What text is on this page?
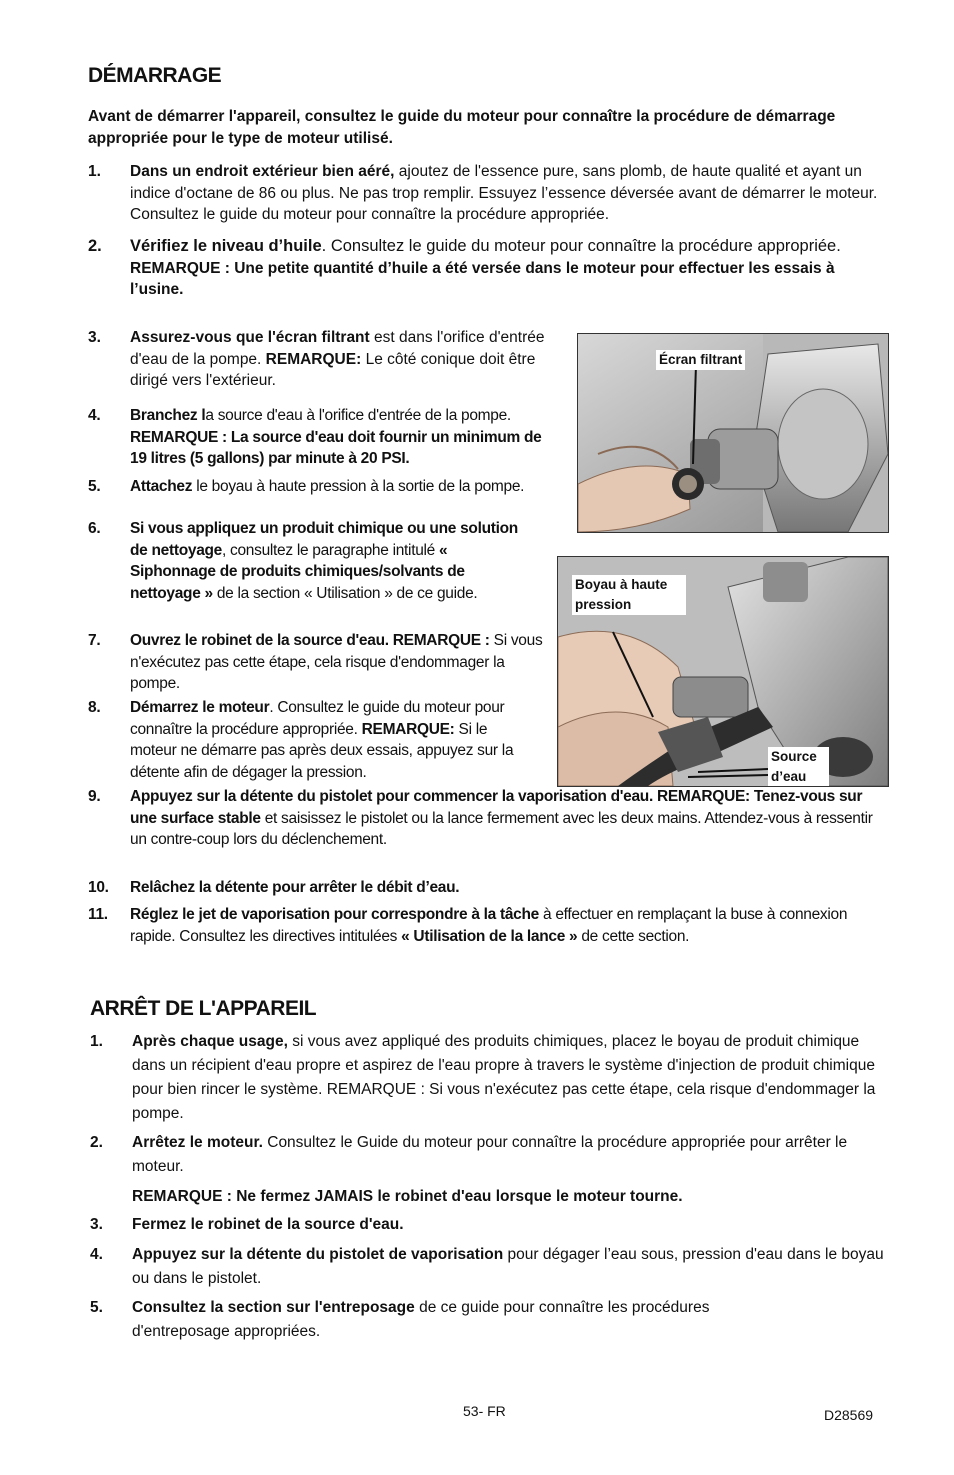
DÉMARRAGE

Avant de démarrer l'appareil, consultez le guide du moteur pour connaître la procédure de démarrage appropriée pour le type de moteur utilisé.

1. Dans un endroit extérieur bien aéré, ajoutez de l'essence pure, sans plomb, de haute qualité et ayant un indice d'octane de 86 ou plus. Ne pas trop remplir. Essuyez l’essence déversée avant de démarrer le moteur. Consultez le guide du moteur pour connaître la procédure appropriée.
2. Vérifiez le niveau d’huile. Consultez le guide du moteur pour connaître la procédure appropriée.
REMARQUE : Une petite quantité d’huile a été versée dans le moteur pour effectuer les essais à l’usine.
3. Assurez-vous que l'écran filtrant est dans l'orifice d'entrée d'eau de la pompe. REMARQUE: Le côté conique doit être dirigé vers l'extérieur.
4. Branchez la source d'eau à l'orifice d'entrée de la pompe. REMARQUE : La source d'eau doit fournir un minimum de 19 litres (5 gallons) par minute à 20 PSI.
5. Attachez le boyau à haute pression à la sortie de la pompe.
6. Si vous appliquez un produit chimique ou une solution de nettoyage, consultez le paragraphe intitulé « Siphonnage de produits chimiques/solvants de nettoyage » de la section « Utilisation » de ce guide.
7. Ouvrez le robinet de la source d'eau. REMARQUE : Si vous n'exécutez pas cette étape, cela risque d'endommager la pompe.
8. Démarrez le moteur. Consultez le guide du moteur pour connaître la procédure appropriée. REMARQUE: Si le moteur ne démarre pas après deux essais, appuyez sur la détente afin de dégager la pression.
9. Appuyez sur la détente du pistolet pour commencer la vaporisation d'eau. REMARQUE: Tenez-vous sur une surface stable et saisissez le pistolet ou la lance fermement avec les deux mains. Attendez-vous à ressentir un contre-coup lors du déclenchement.
10. Relâchez la détente pour arrêter le débit d’eau.
11. Réglez le jet de vaporisation pour correspondre à la tâche à effectuer en remplaçant la buse à connexion rapide. Consultez les directives intitulées « Utilisation de la lance » de cette section.
Écran filtrant
Boyau à haute pression
Source d’eau
ARRÊT DE L'APPAREIL
1. Après chaque usage, si vous avez appliqué des produits chimiques, placez le boyau de produit chimique dans un récipient d'eau propre et aspirez de l'eau propre à travers le système d'injection de produit chimique pour bien rincer le système. REMARQUE : Si vous n'exécutez pas cette étape, cela risque d'endommager la pompe.
2. Arrêtez le moteur. Consultez le Guide du moteur pour connaître la procédure appropriée pour arrêter le moteur.
REMARQUE : Ne fermez JAMAIS le robinet d'eau lorsque le moteur tourne.
3. Fermez le robinet de la source d'eau.
4. Appuyez sur la détente du pistolet de vaporisation pour dégager l’eau sous, pression d'eau dans le boyau ou dans le pistolet.
5. Consultez la section sur l'entreposage de ce guide pour connaître les procédures d'entreposage appropriées.
53- FR	D28569
